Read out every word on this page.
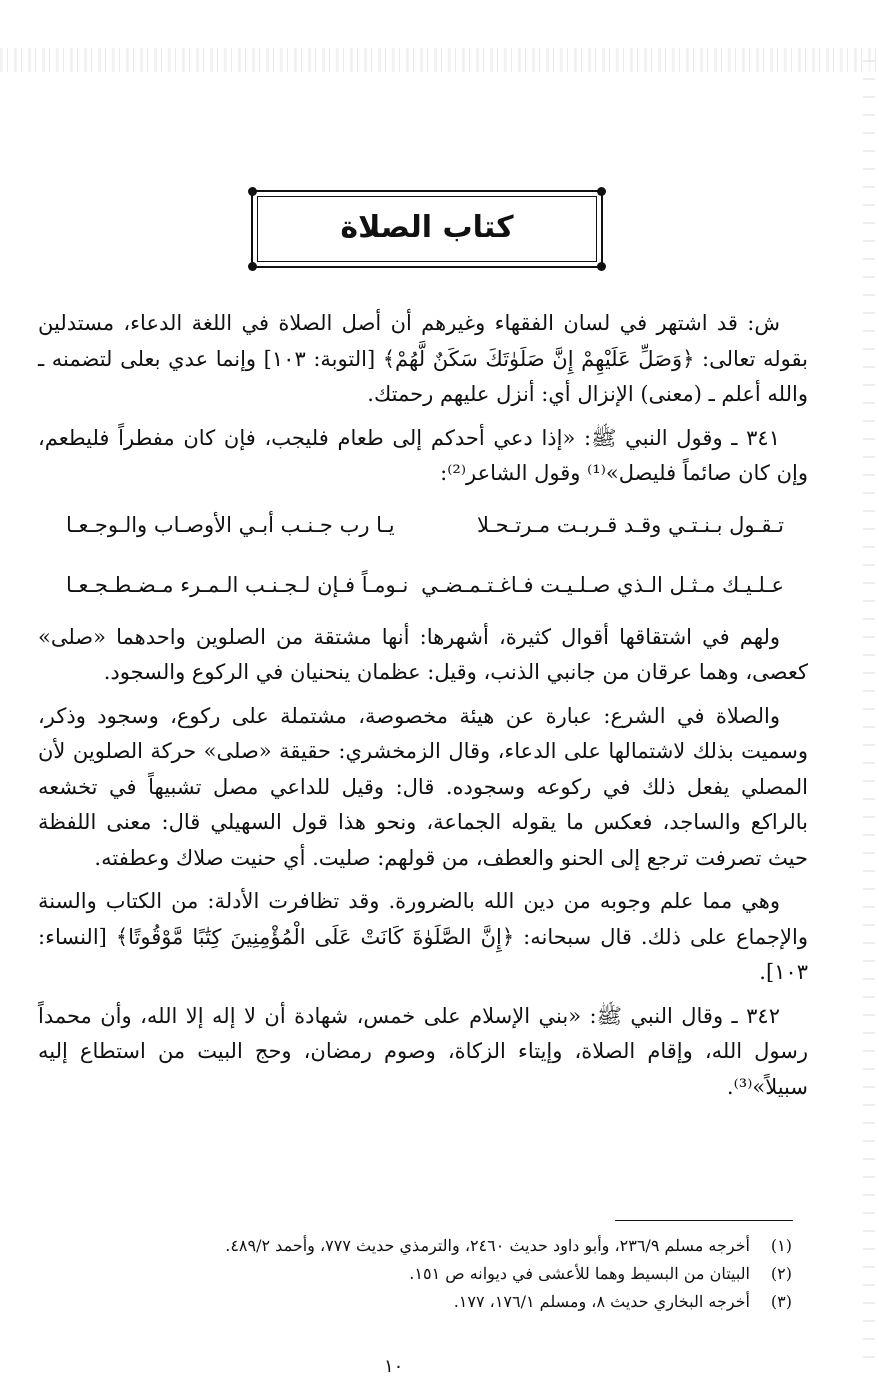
كتاب الصلاة

ش: قد اشتهر في لسان الفقهاء وغيرهم أن أصل الصلاة في اللغة الدعاء، مستدلين بقوله تعالى: ﴿وَصَلِّ عَلَيْهِمْ إِنَّ صَلَوٰتَكَ سَكَنٌ لَّهُمْ﴾ [التوبة: ١٠٣] وإنما عدي بعلى لتضمنه ـ والله أعلم ـ (معنى) الإنزال أي: أنزل عليهم رحمتك.

٣٤١ ـ وقول النبي ﷺ: «إذا دعي أحدكم إلى طعام فليجب، فإن كان مفطراً فليطعم، وإن كان صائماً فليصل»⁽¹⁾ وقول الشاعر⁽²⁾:

تـقـول بـنـتـي وقـد قـربـت مـرتـحـلا
يـا رب جـنـب أبـي الأوصـاب والـوجـعـا
عـلـيـك مـثـل الـذي صـلـيـت فـاغـتـمـضـي
نـومـاً فـإن لـجـنـب الـمـرء مـضـطـجـعـا

ولهم في اشتقاقها أقوال كثيرة، أشهرها: أنها مشتقة من الصلوين واحدهما «صلى» كعصى، وهما عرقان من جانبي الذنب، وقيل: عظمان ينحنيان في الركوع والسجود.

والصلاة في الشرع: عبارة عن هيئة مخصوصة، مشتملة على ركوع، وسجود وذكر، وسميت بذلك لاشتمالها على الدعاء، وقال الزمخشري: حقيقة «صلى» حركة الصلوين لأن المصلي يفعل ذلك في ركوعه وسجوده. قال: وقيل للداعي مصل تشبيهاً في تخشعه بالراكع والساجد، فعكس ما يقوله الجماعة، ونحو هذا قول السهيلي قال: معنى اللفظة حيث تصرفت ترجع إلى الحنو والعطف، من قولهم: صليت. أي حنيت صلاك وعطفته.

وهي مما علم وجوبه من دين الله بالضرورة. وقد تظافرت الأدلة: من الكتاب والسنة والإجماع على ذلك. قال سبحانه: ﴿إِنَّ الصَّلَوٰةَ كَانَتْ عَلَى الْمُؤْمِنِينَ كِتَٰبًا مَّوْقُوتًا﴾ [النساء: ١٠٣].

٣٤٢ ـ وقال النبي ﷺ: «بني الإسلام على خمس، شهادة أن لا إله إلا الله، وأن محمداً رسول الله، وإقام الصلاة، وإيتاء الزكاة، وصوم رمضان، وحج البيت من استطاع إليه سبيلاً»⁽³⁾.

(١)
أخرجه مسلم ٢٣٦/٩، وأبو داود حديث ٢٤٦٠، والترمذي حديث ٧٧٧، وأحمد ٤٨٩/٢.
(٢)
البيتان من البسيط وهما للأعشى في ديوانه ص ١٥١.
(٣)
أخرجه البخاري حديث ٨، ومسلم ١٧٦/١، ١٧٧.
١٠
